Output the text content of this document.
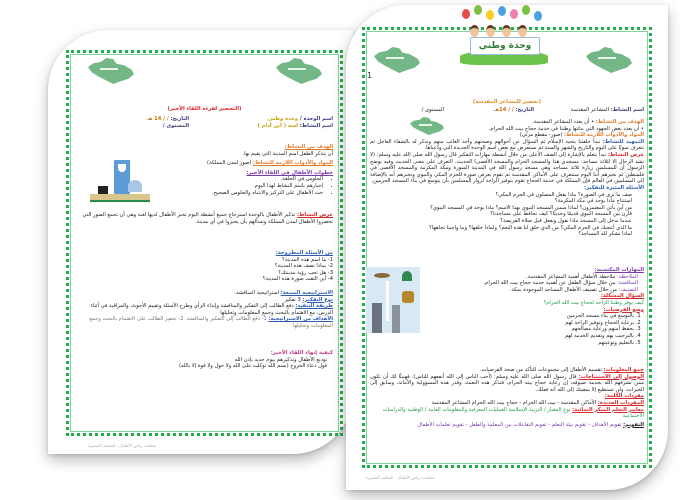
(التحضير لقرءة اللقاء الأخير)

اسم الوحدة / وحدة وطني

اسم النشاط: لعبة ( أين أدام )

التاريخ: / / 14 هـ

المستوى /

الهدف من النشاط:

أن يتذكر الطفل اسم المدينة التي يقيم بها.

المواد والأدوات اللازمة للنشاط: (صور لمدن المملكة)

خطوات الأطفال في اللقاء الأخير:

• الجلوس في الحلقة.
• إخبارهم باسم النشاط لهذا اليوم.
• حث الأطفال على التركيز والانتباه والجلوس الصحيح.

عرض النشاط: تذكير الأطفال بالوحدة استرجاع جميع أنشطة اليوم تخبر الأطفال لديها لعبة وهي أن تجمع الصور التي تحضروا الأطفال لمدن المملكة وتسألهم بأن يخبروا في أي مدينة.

من الأسئلة المطروحة:

1- ما اسم هذه المدينة؟

2- بماذا تصف هذه المدينة؟

3- هل تحب رؤية مدينتك؟

4- أين التقت صورة هذه المدينة؟

الاستراتيجية المتبعة: استراتيجية المناقشة.

نوع التفكير: 3 تفكير

طريقة التنفيذ: دفع الطالب إلى التفكير والمناقشة وإبداء الرأي وطرح الأسئلة وتقييم الأجوبة، والمراقبة في أثناء الدرس، مع الاهتمام بالبحث وجمع المعلومات وتحليلها

الأهداف من الاستراتيجية: 1- دفع الطالب إلى التفكير والمناقشة. 2- تحفيز الطالب على الاهتمام بالبحث وجمع المعلومات وتحليلها

كيفية إنهاء اللقاء الأخير:

توديع الأطفال وتذكيرهم بيوم جديد بإذن الله

قول دعاء الخروج (بسم الله توكلت على الله ولا حول ولا قوة إلا بالله)

معلمات رياض الأطفال - المعلمة المتميزة
1
وحدة وطني

(تحضير للمشاعر المقدسة)

اسم النشاط: المشاعر المقدسة
التاريخ: / / 14هـ
المستوى /

الهدف من النشاط: • أن يعدد المشاعر المقدسة.

• أن يعدد بعض الجهود التي بذلتها وطننا في خدمة حجاج بيت الله الحرام.

المواد والأدوات اللازمة للنشاط: (صور- مقطع مرئي)

التمهيد للنشاط: نبدأ حلقتنا بتحية الإسلام ثم السؤال عن أحوالهم وصحتهم وأخذ الغائب منهم ونذكر له بالشفاء العاجل ثم نتعرف سويًا على اليوم والتاريخ والشهر والسنة ثم نستعرض مع بعض اسم الوحدة الجديدة التي ودّعناها.

عرض النشاط: نبدأ بتعلم بالإشارة إلى الصف الأعلى من خلال أنشطة مهارات التفكير قال رسول الله صلى الله عليه وسلم: (لا تشد الرحال إلا لثلاثة مساجد: مسجدي هذا والمسجد الحرام والمسجد الأقصى) الحديث. التعرف على معنى الحديث وفيه يوضح الرسول أن للمسلمين زيارة ثلاثة مساجد وهي مسجد رسول الله في المدينة المنورة ومكة المكرمة والمسجد الأقصى في فلسطين ثم نخبرهم أننا اليوم سنتعرف على الأماكن المقدسة ثم نقوم بعرض صورة للحرم المكي والنبوي ونخبرهم أنه بالإضافة إلى المسلمين في العالم فإن المملكة في خدمة الحجاج تقوم بتوفير الراحة لزوار المسلمين بأن يتوسع في بناء المسجد الحرمين.

الأسئلة المثيرة للتفكير:

صف ما ترى في الصورة؟ ماذا يفعل المصلون في الحرم المكي؟

استنتاج ماذا يوجد في مكة المكرمة؟

من أين يأتي المعتمرون؟ لماذا سمي المسجد النبوي بهذا الاسم؟ ماذا يوجد في المسجد النبوي؟

قارن بين المسجد النبوي قديمًا وحديثًا؟ كيف نحافظ على مساجدنا؟

عندما ندخل إلى المسجد ماذا نقول ونفعل قبل صلاة الفريضة؟

ما الذي أعجبك في الحرم المكي؟ من الذي خلق لنا هذه النعم؟ ولماذا خلقها؟ وما واجبنا تجاهها؟

لماذا نشكر لله المساجد؟

المهارات المكتسبة:

الملاحظة: ملاحظة الأطفال أهمية المشاعر المقدسة.

المناقشة: من خلال سؤال الطفل عن أهمية خدمة حجاج بيت الله الحرام.

التصنيف: من خلال تصنيف الأطفال المساجد الموجودة بمكة.

السؤال المشكلة:

كيف يوفر وطننا الراحة لحجاج بيت الله الحرام؟

وضع الفرضيات:

1. بالتوسع في بناء مسجد الحرمين
2. برعاية الحجاج وتوفير الراحة لهم
3. بحفظ أمنهم ورعاية مصالحهم
4. بالترحيب بهم وتقديم الخدمة لهم
5. بالتعليم وتوعيتهم

جمع المعلومات: تقسيم الأطفال إلى مجموعات للتأكد من صحة الفرضيات.

الوصول إلى الاستنتاجات: قال رسول الله صلى الله عليه وسلم: (أحب الناس إلى الله أنفعهم للناس). فهنيئًا لك أن تكون ممن تشرفهم الله بخدمة ضيوفه، إن رعاية حجاج بيته الحرام، فتذكر هذه النعمة، وقدر هذه المسؤولية والأمانة، وسابق إلى الخيرات، ولن تستطيع إلا بمعيتك إلى الله أنه فعلك.

مفردات الكلمة:

المفردات الجديدة: الأماكن المقدسة - بيت الله الحرام - حجاج بيت الله الحرام المشاعر المقدسة

معايير التعلم المبكر النمائية: نوع المعيار / التربية الإسلامية العمليات المعرفية والمعلومات العامة / الوطنية والدراسات الاجتماعية

التقويم: تقويم الأهداف - تقويم بيئة التعلم - تقويم التفاعلات بين المعلمة والطفل - تقويم تعلمات الأطفال

معلمات رياض الأطفال - المعلمة المتميزة
